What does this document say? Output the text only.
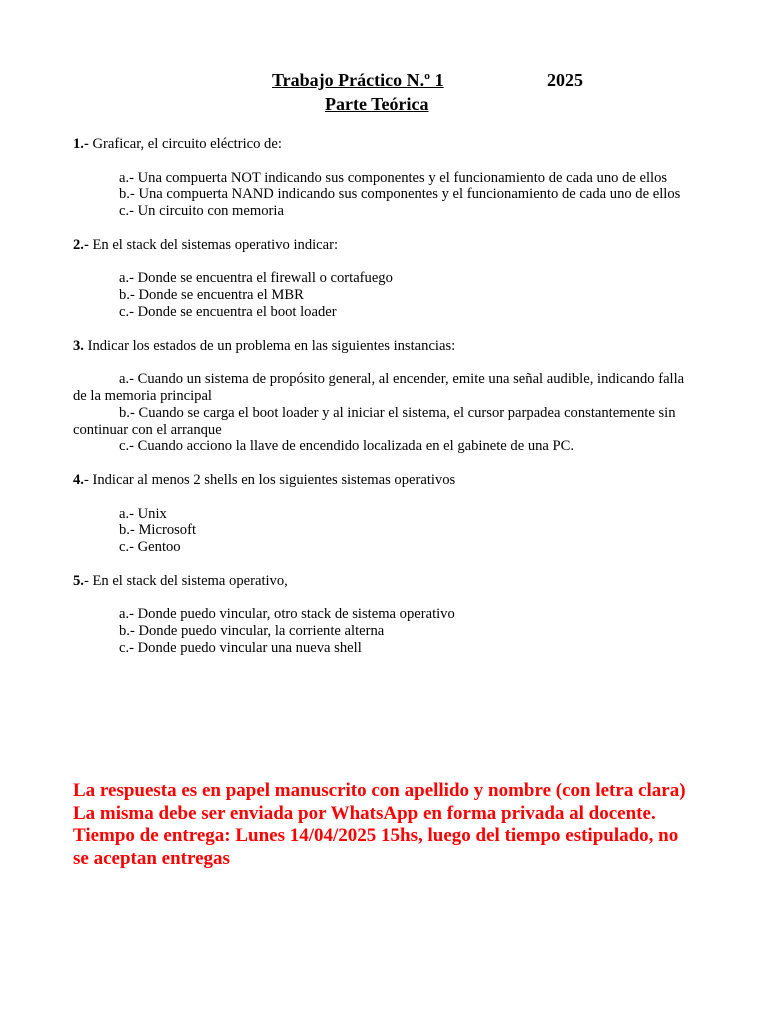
Trabajo Práctico N.º 1	2025
Parte Teórica

1.- Graficar, el circuito eléctrico de:

a.- Una compuerta NOT indicando sus componentes y el funcionamiento de cada uno de ellos

b.- Una compuerta NAND indicando sus componentes y el funcionamiento de cada uno de ellos

c.- Un circuito con memoria

2.- En el stack del sistemas operativo indicar:

a.- Donde se encuentra el firewall o cortafuego

b.- Donde se encuentra el MBR

c.- Donde se encuentra el boot loader

3. Indicar los estados de un problema en las siguientes instancias:

a.- Cuando un sistema de propósito general, al encender, emite una señal audible, indicando falla de la memoria principal

b.- Cuando se carga el boot loader y al iniciar el sistema, el cursor parpadea constantemente sin continuar con el arranque

c.- Cuando acciono la llave de encendido localizada en el gabinete de una PC.

4.- Indicar al menos 2 shells en los siguientes sistemas operativos

a.- Unix

b.- Microsoft

c.- Gentoo

5.- En el stack del sistema operativo,

a.- Donde puedo vincular, otro stack de sistema operativo

b.- Donde puedo vincular, la corriente alterna

c.- Donde puedo vincular una nueva shell

La respuesta es en papel manuscrito con apellido y nombre (con letra clara)

La misma debe ser enviada por WhatsApp en forma privada al docente.

Tiempo de entrega: Lunes 14/04/2025 15hs, luego del tiempo estipulado, no se aceptan entregas
